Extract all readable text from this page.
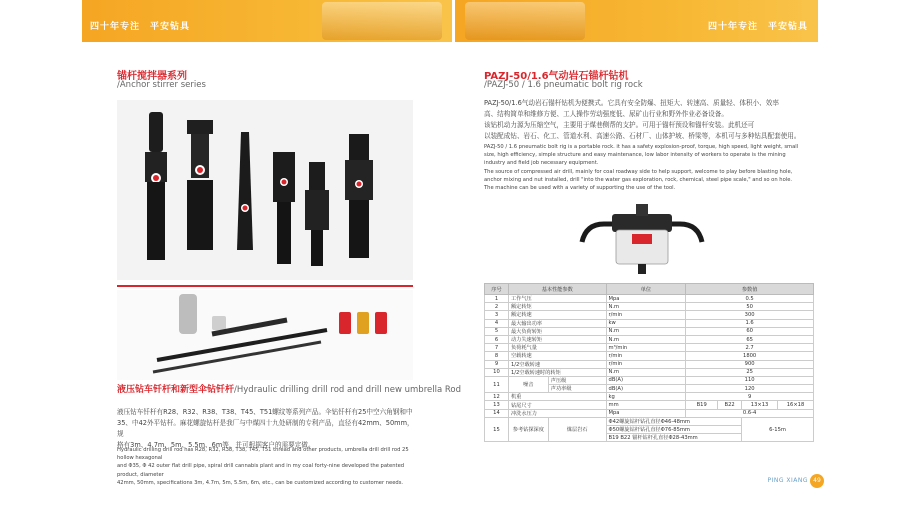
四十年专注　平安钻具	四十年专注　平安钻具
锚杆搅拌器系列
/Anchor stirrer series
液压钻车钎杆和新型伞钻钎杆/Hydraulic drilling drill rod and drill new umbrella Rod
液压钻车钎杆有R28、R32、R38、T38、T45、T51螺纹等系列产品。伞钻钎杆有25中空六角钢和中
35、中42外平钻杆。麻花螺旋钻杆是我厂与中煤四十九处研制的专利产品，直径有42mm、50mm，规
格有3m、4.7m、5m、5.5m、6m等，并可根据客户的需要定做。
Hydraulic drilling drill rod has R28, R32, R38, T38, T45, T51 thread and other products, umbrella drill drill rod 25 hollow hexagonal
and Φ35, Φ 42 outer flat drill pipe, spiral drill cannabis plant and in my coal forty-nine developed the patented product, diameter
42mm, 50mm, specifications 3m, 4.7m, 5m, 5.5m, 6m, etc., can be customized according to customer needs.
PAZJ-50/1.6气动岩石锚杆钻机
/PAZJ-50 / 1.6 pneumatic bolt rig rock
PAZJ-50/1.6气动岩石锚杆钻机为便携式。它具有安全防爆、扭矩大、转速高、质量轻、体积小、效率
高、结构简单和维修方便、工人操作劳动强度低、尿矿山行业和野外作业必备设备。
该钻机动力源为压缩空气，主要用于煤巷侧帮的支护。可用于锚杆预设和锚杆安装。此机还可
以装配成钻、岩石、化工、管道水利、高速公路、石材厂、山体护坡、桥梁等，本机可与多种钻具配套使用。
PAZJ-50 / 1.6 pneumatic bolt rig is a portable rock. it has a safety explosion-proof, torque, high speed, light weight, small
size, high efficiency, simple structure and easy maintenance, low labor intensity of workers to operate is the mining
industry and field job necessary equipment.
The source of compressed air drill, mainly for coal roadway side to help support, welcome to play before blasting hole,
anchor mixing and nut installed, drill "into the water gas exploration, rock, chemical, steel pipe scale," and so on hole.
The machine can be used with a variety of supporting the use of the tool.
序号	基本性能参数		单位	参数值			
1	工作气压		Mpa	0.5			
2	额定转矩		N.m	50			
3	额定转速		r/min	300			
4	最大输出功率		kw	1.6			
5	最大负荷转矩		N.m	60			
6	动力失速转矩		N.m	65			
7	负荷耗气量		m³/min	2.7			
8	空载转速		r/min	1800			
9	1/2空载转速		r/min	900			
10	1/2空载转速时的转矩		N.m	25			
11	噪音	声压级	dB(A)	110			
		声功率级	dB(A)	120			
12	机重		kg	9			
13	钻尾尺寸		mm	B19	B22	13×13	16×18
14	冲洗水压力		Mpa	0.6-4			
15	参考钻探深度	煤层岩石	Φ42螺旋钻杆钻孔直径Φ46-48mm			6-15m	
			Φ50螺旋钻杆钻孔直径Φ76-85mm				
			B19 B22 锚杆钻杆孔直径Φ28-43mm				
PING XIANG 49
